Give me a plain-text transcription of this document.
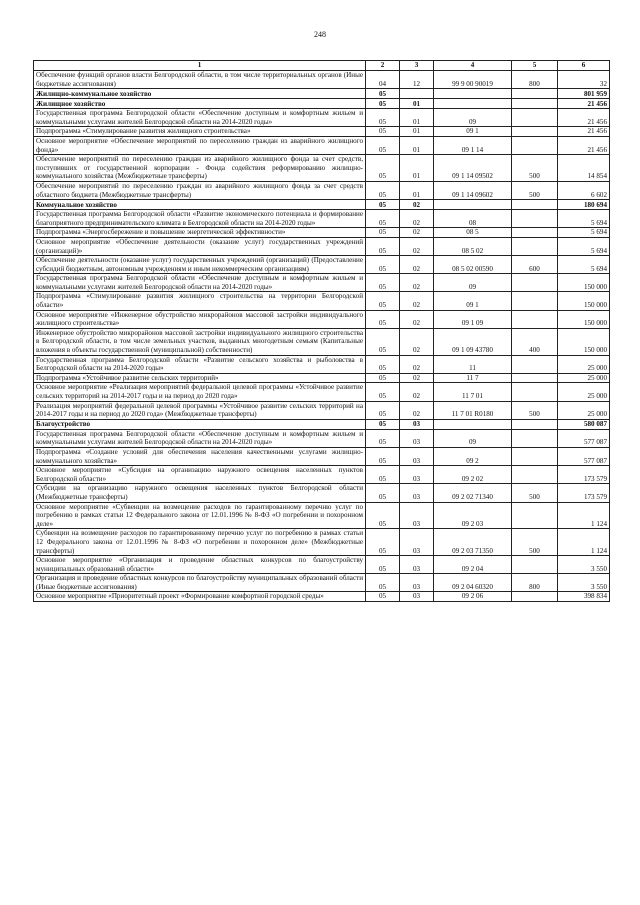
248
1	2	3	4	5	6
Обеспечение функций органов власти Белгородской области, в том числе территориальных органов (Иные бюджетные ассигнования)	04	12	99 9 00 90019	800	32
Жилищно-коммунальное хозяйство	05				801 959
Жилищное хозяйство	05	01			21 456
Государственная программа Белгородской области «Обеспечение доступным и комфортным жильем и коммунальными услугами жителей Белгородской области на 2014-2020 годы»	05	01	09		21 456
Подпрограмма «Стимулирование развития жилищного строительства»	05	01	09 1		21 456
Основное мероприятие «Обеспечение мероприятий по переселению граждан из аварийного жилищного фонда»	05	01	09 1 14		21 456
Обеспечение мероприятий по переселению граждан из аварийного жилищного фонда за счет средств, поступивших от государственной корпорации - Фонда содействия реформированию жилищно-коммунального хозяйства (Межбюджетные трансферты)	05	01	09 1 14 09502	500	14 854
Обеспечение мероприятий по переселению граждан из аварийного жилищного фонда за счет средств областного бюджета (Межбюджетные трансферты)	05	01	09 1 14 09602	500	6 602
Коммунальное хозяйство	05	02			180 694
Государственная программа Белгородской области «Развитие экономического потенциала и формирование благоприятного предпринимательского климата в Белгородской области на 2014-2020 годы»	05	02	08		5 694
Подпрограмма «Энергосбережение и повышение энергетической эффективности»	05	02	08 5		5 694
Основное мероприятие «Обеспечение деятельности (оказание услуг) государственных учреждений (организаций)»	05	02	08 5 02		5 694
Обеспечение деятельности (оказание услуг) государственных учреждений (организаций) (Предоставление субсидий бюджетным, автономным учреждениям и иным некоммерческим организациям)	05	02	08 5 02 00590	600	5 694
Государственная программа Белгородской области «Обеспечение доступным и комфортным жильем и коммунальными услугами жителей Белгородской области на 2014-2020 годы»	05	02	09		150 000
Подпрограмма «Стимулирование развития жилищного строительства на территории Белгородской области»	05	02	09 1		150 000
Основное мероприятие «Инженерное обустройство микрорайонов массовой застройки индивидуального жилищного строительства»	05	02	09 1 09		150 000
Инженерное обустройство микрорайонов массовой застройки индивидуального жилищного строительства в Белгородской области, в том числе земельных участков, выданных многодетным семьям (Капитальные вложения в объекты государственной (муниципальной) собственности)	05	02	09 1 09 43780	400	150 000
Государственная программа Белгородской области «Развитие сельского хозяйства и рыболовства в Белгородской области на 2014-2020 годы»	05	02	11		25 000
Подпрограмма «Устойчивое развитие сельских территорий»	05	02	11 7		25 000
Основное мероприятие «Реализация мероприятий федеральной целевой программы «Устойчивое развитие сельских территорий на 2014-2017 годы и на период до 2020 года»	05	02	11 7 01		25 000
Реализация мероприятий федеральной целевой программы «Устойчивое развитие сельских территорий на 2014-2017 годы и на период до 2020 года» (Межбюджетные трансферты)	05	02	11 7 01 R0180	500	25 000
Благоустройство	05	03			580 087
Государственная программа Белгородской области «Обеспечение доступным и комфортным жильем и коммунальными услугами жителей Белгородской области на 2014-2020 годы»	05	03	09		577 087
Подпрограмма «Создание условий для обеспечения населения качественными услугами жилищно-коммунального хозяйства»	05	03	09 2		577 087
Основное мероприятие «Субсидия на организацию наружного освещения населенных пунктов Белгородской области»	05	03	09 2 02		173 579
Субсидии на организацию наружного освещения населенных пунктов Белгородской области (Межбюджетные трансферты)	05	03	09 2 02 71340	500	173 579
Основное мероприятие «Субвенции на возмещение расходов по гарантированному перечню услуг по погребению в рамках статьи 12 Федерального закона от 12.01.1996 № 8-ФЗ «О погребении и похоронном деле»	05	03	09 2 03		1 124
Субвенции на возмещение расходов по гарантированному перечню услуг по погребению в рамках статьи 12 Федерального закона от 12.01.1996 № 8-ФЗ «О погребении и похоронном деле» (Межбюджетные трансферты)	05	03	09 2 03 71350	500	1 124
Основное мероприятие «Организация и проведение областных конкурсов по благоустройству муниципальных образований области»	05	03	09 2 04		3 550
Организация и проведение областных конкурсов по благоустройству муниципальных образований области (Иные бюджетные ассигнования)	05	03	09 2 04 60320	800	3 550
Основное мероприятие «Приоритетный проект «Формирование комфортной городской среды»	05	03	09 2 06		398 834
